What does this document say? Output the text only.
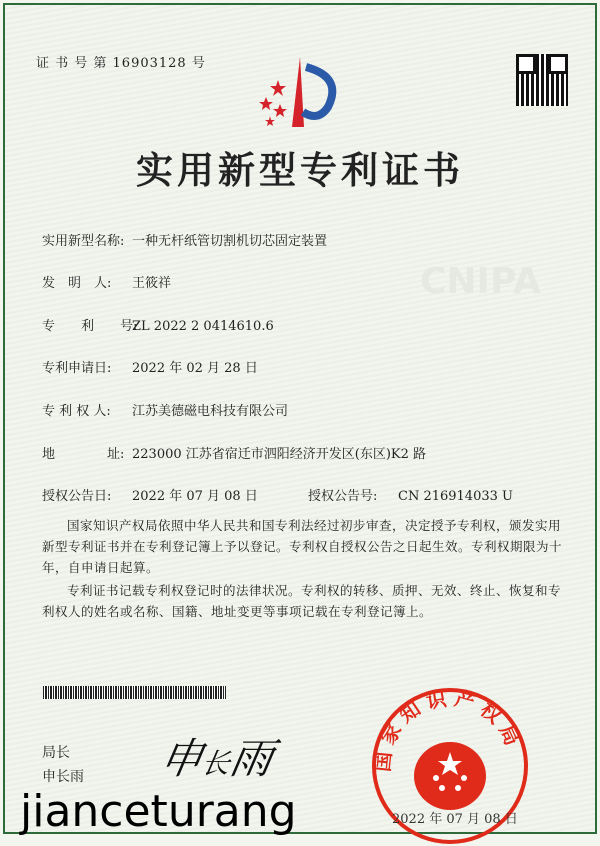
CNIPA
证 书 号 第 16903128 号
实用新型专利证书
实用新型名称: 一种无杆纸管切割机切芯固定装置
发　明　人: 王筱祥
专　　利　　号:ZL 2022 2 0414610.6
专利申请日: 2022 年 02 月 28 日
专 利 权 人: 江苏美德磁电科技有限公司
地　　　　址: 223000 江苏省宿迁市泗阳经济开发区(东区)K2 路
授权公告日: 2022 年 07 月 08 日	授权公告号: CN 216914033 U
国家知识产权局依照中华人民共和国专利法经过初步审查，决定授予专利权，颁发实用新型专利证书并在专利登记簿上予以登记。专利权自授权公告之日起生效。专利权期限为十年，自申请日起算。
专利证书记载专利权登记时的法律状况。专利权的转移、质押、无效、终止、恢复和专利权人的姓名或名称、国籍、地址变更等事项记载在专利登记簿上。
局长
申长雨 申长雨	国家知识产权局
2022 年 07 月 08 日
jianceturang
